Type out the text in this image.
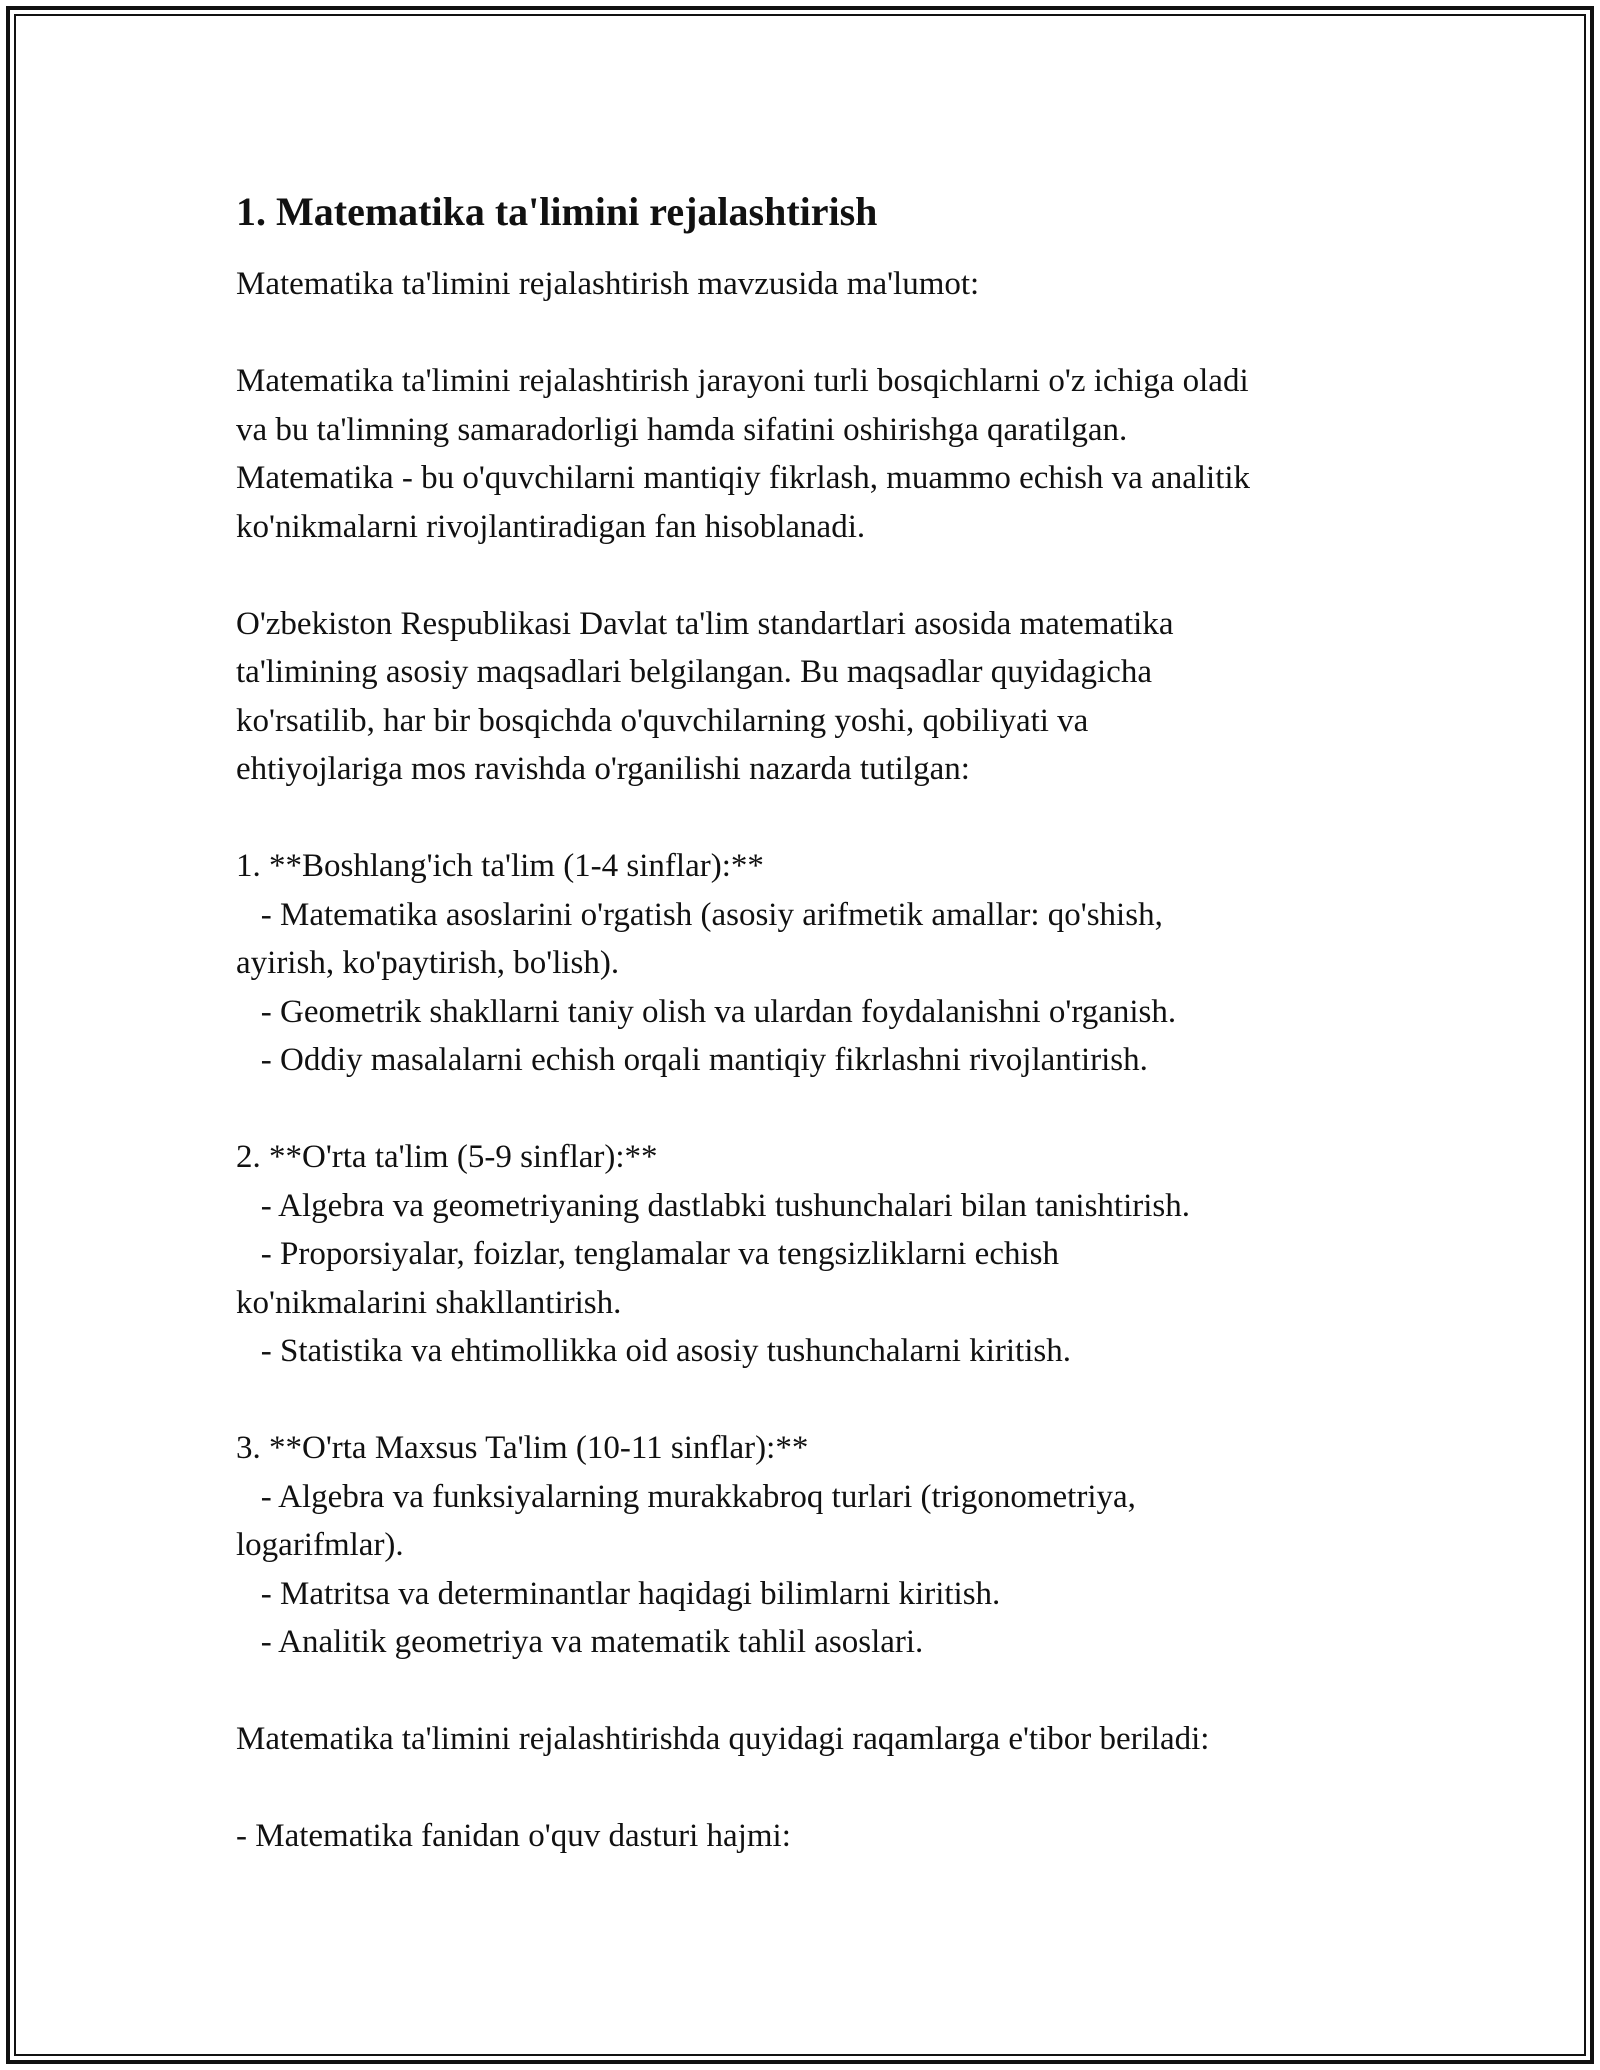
1. Matematika ta'limini rejalashtirish
Matematika ta'limini rejalashtirish mavzusida ma'lumot:
Matematika ta'limini rejalashtirish jarayoni turli bosqichlarni o'z ichiga oladi
va bu ta'limning samaradorligi hamda sifatini oshirishga qaratilgan.
Matematika - bu o'quvchilarni mantiqiy fikrlash, muammo echish va analitik
ko'nikmalarni rivojlantiradigan fan hisoblanadi.
O'zbekiston Respublikasi Davlat ta'lim standartlari asosida matematika
ta'limining asosiy maqsadlari belgilangan. Bu maqsadlar quyidagicha
ko'rsatilib, har bir bosqichda o'quvchilarning yoshi, qobiliyati va
ehtiyojlariga mos ravishda o'rganilishi nazarda tutilgan:
1. **Boshlang'ich ta'lim (1-4 sinflar):**
- Matematika asoslarini o'rgatish (asosiy arifmetik amallar: qo'shish,
ayirish, ko'paytirish, bo'lish).
- Geometrik shakllarni taniy olish va ulardan foydalanishni o'rganish.
- Oddiy masalalarni echish orqali mantiqiy fikrlashni rivojlantirish.
2. **O'rta ta'lim (5-9 sinflar):**
- Algebra va geometriyaning dastlabki tushunchalari bilan tanishtirish.
- Proporsiyalar, foizlar, tenglamalar va tengsizliklarni echish
ko'nikmalarini shakllantirish.
- Statistika va ehtimollikka oid asosiy tushunchalarni kiritish.
3. **O'rta Maxsus Ta'lim (10-11 sinflar):**
- Algebra va funksiyalarning murakkabroq turlari (trigonometriya,
logarifmlar).
- Matritsa va determinantlar haqidagi bilimlarni kiritish.
- Analitik geometriya va matematik tahlil asoslari.
Matematika ta'limini rejalashtirishda quyidagi raqamlarga e'tibor beriladi:
- Matematika fanidan o'quv dasturi hajmi:
